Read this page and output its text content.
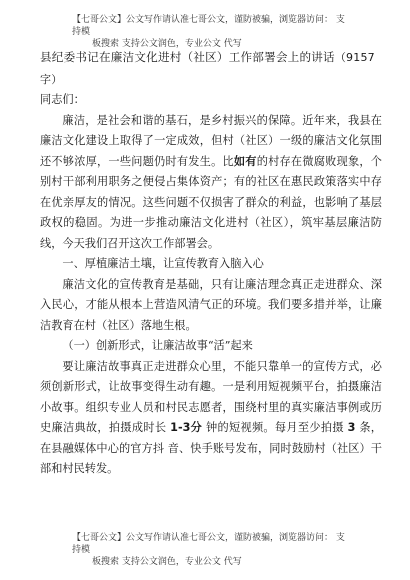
【七哥公文】公文写作请认准七哥公文，谨防被骗，浏览器访问： 支持模
板搜索 支持公文润色，专业公文 代写

县纪委书记在廉洁文化进村（社区）工作部署会上的讲话（9157 字）

同志们：

廉洁，是社会和谐的基石，是乡村振兴的保障。近年来，我县在廉洁文化建设上取得了一定成效，但村（社区）一级的廉洁文化氛围还不够浓厚，一些问题仍时有发生。比如有的村存在微腐败现象，个别村干部利用职务之便侵占集体资产；有的社区在惠民政策落实中存在优亲厚友的情况。这些问题不仅损害了群众的利益，也影响了基层政权的稳固。为进一步推动廉洁文化进村（社区），筑牢基层廉洁防线，今天我们召开这次工作部署会。

一、厚植廉洁土壤，让宣传教育入脑入心

廉洁文化的宣传教育是基础，只有让廉洁理念真正走进群众、深入民心，才能从根本上营造风清气正的环境。我们要多措并举，让廉洁教育在村（社区）落地生根。

（一）创新形式，让廉洁故事“活”起来

要让廉洁故事真正走进群众心里，不能只靠单一的宣传方式，必须创新形式，让故事变得生动有趣。一是利用短视频平台，拍摄廉洁小故事。组织专业人员和村民志愿者，围绕村里的真实廉洁事例或历史廉洁典故，拍摄成时长 1-3分 钟的短视频。每月至少拍摄 3 条，在县融媒体中心的官方抖 音、快手账号发布，同时鼓励村（社区）干部和村民转发。

【七哥公文】公文写作请认准七哥公文，谨防被骗，浏览器访问： 支持模
板搜索 支持公文润色，专业公文 代写
